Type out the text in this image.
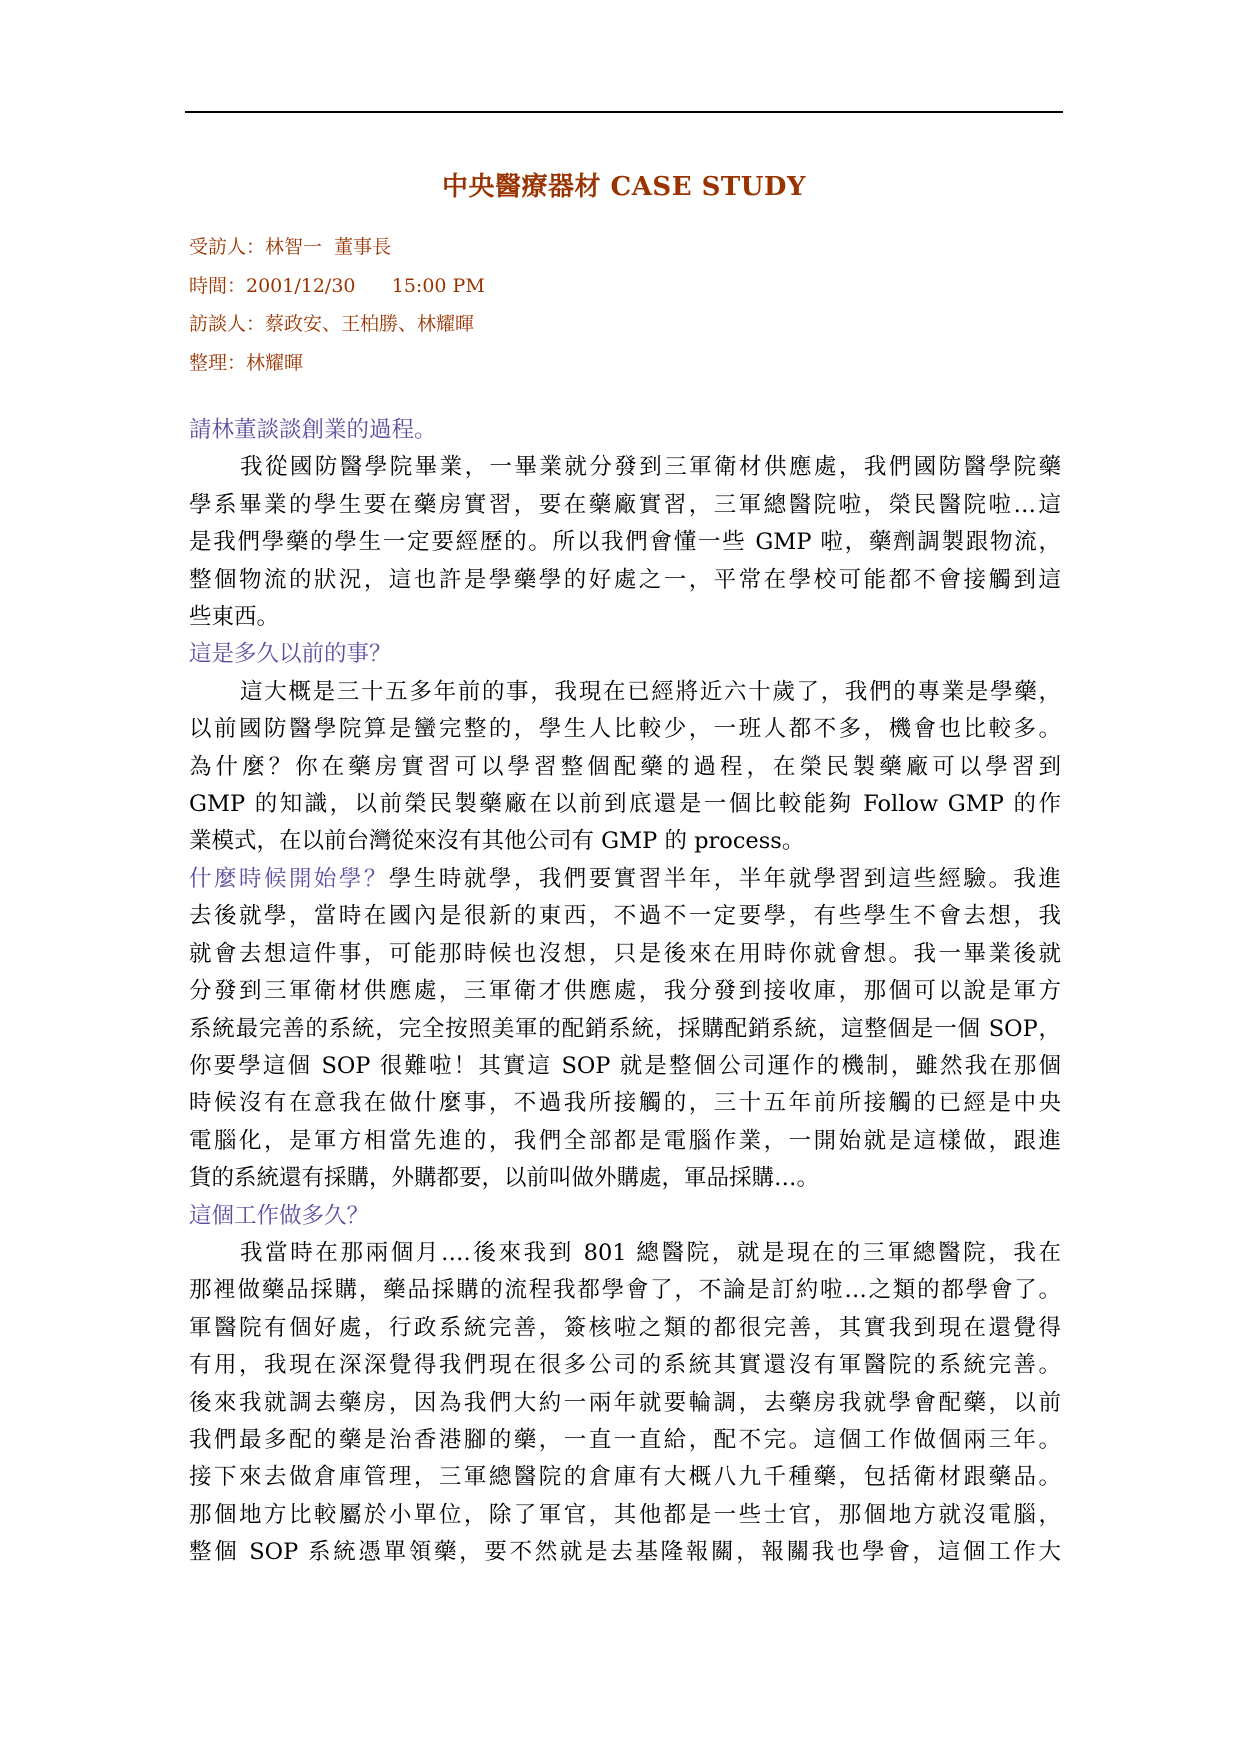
中央醫療器材 CASE STUDY
受訪人：林智一  董事長
時間：2001/12/30      15:00 PM
訪談人：蔡政安、王柏勝、林耀暉
整理：林耀暉
請林董談談創業的過程。
我從國防醫學院畢業，一畢業就分發到三軍衛材供應處，我們國防醫學院藥
學系畢業的學生要在藥房實習，要在藥廠實習，三軍總醫院啦，榮民醫院啦…這
是我們學藥的學生一定要經歷的。所以我們會懂一些 GMP 啦，藥劑調製跟物流，
整個物流的狀況，這也許是學藥學的好處之一，平常在學校可能都不會接觸到這
些東西。
這是多久以前的事？
這大概是三十五多年前的事，我現在已經將近六十歲了，我們的專業是學藥，
以前國防醫學院算是蠻完整的，學生人比較少，一班人都不多，機會也比較多。
為什麼？你在藥房實習可以學習整個配藥的過程，在榮民製藥廠可以學習到
GMP 的知識，以前榮民製藥廠在以前到底還是一個比較能夠 Follow GMP 的作
業模式，在以前台灣從來沒有其他公司有 GMP 的 process。
什麼時候開始學？學生時就學，我們要實習半年，半年就學習到這些經驗。我進
去後就學，當時在國內是很新的東西，不過不一定要學，有些學生不會去想，我
就會去想這件事，可能那時候也沒想，只是後來在用時你就會想。我一畢業後就
分發到三軍衛材供應處，三軍衛才供應處，我分發到接收庫，那個可以說是軍方
系統最完善的系統，完全按照美軍的配銷系統，採購配銷系統，這整個是一個 SOP，
你要學這個 SOP 很難啦！其實這 SOP 就是整個公司運作的機制，雖然我在那個
時候沒有在意我在做什麼事，不過我所接觸的，三十五年前所接觸的已經是中央
電腦化，是軍方相當先進的，我們全部都是電腦作業，一開始就是這樣做，跟進
貨的系統還有採購，外購都要，以前叫做外購處，軍品採購…。
這個工作做多久？
我當時在那兩個月….後來我到 801 總醫院，就是現在的三軍總醫院，我在
那裡做藥品採購，藥品採購的流程我都學會了，不論是訂約啦…之類的都學會了。
軍醫院有個好處，行政系統完善，簽核啦之類的都很完善，其實我到現在還覺得
有用，我現在深深覺得我們現在很多公司的系統其實還沒有軍醫院的系統完善。
後來我就調去藥房，因為我們大約一兩年就要輪調，去藥房我就學會配藥，以前
我們最多配的藥是治香港腳的藥，一直一直給，配不完。這個工作做個兩三年。
接下來去做倉庫管理，三軍總醫院的倉庫有大概八九千種藥，包括衛材跟藥品。
那個地方比較屬於小單位，除了軍官，其他都是一些士官，那個地方就沒電腦，
整個 SOP 系統憑單領藥，要不然就是去基隆報關，報關我也學會，這個工作大
